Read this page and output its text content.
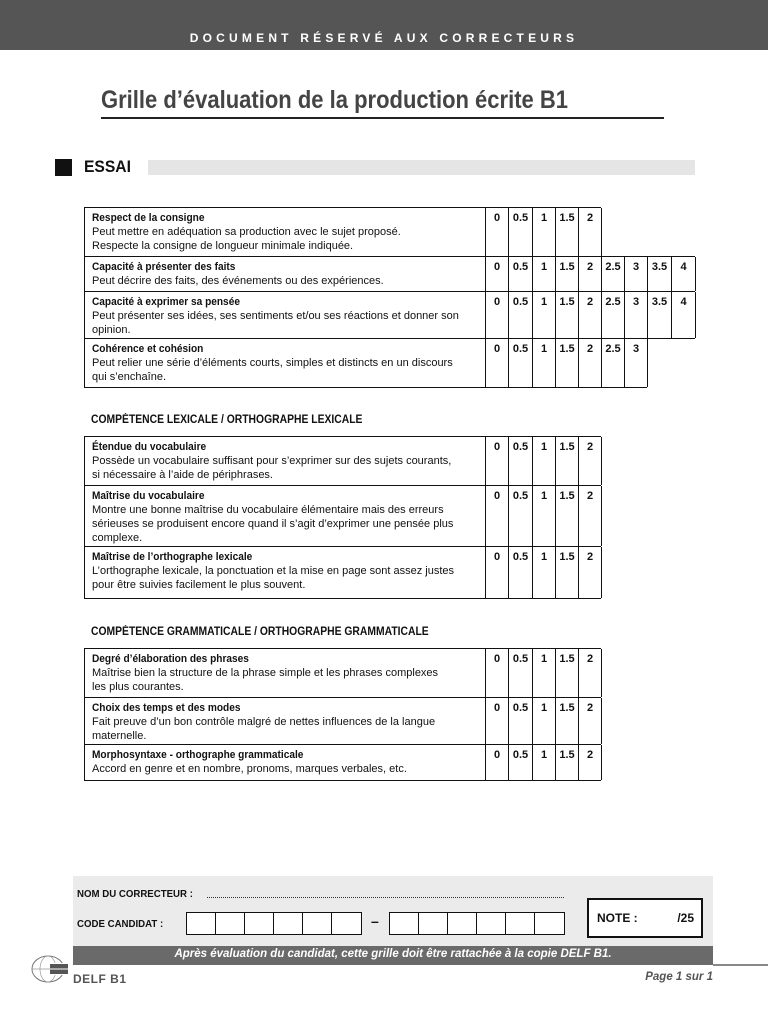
DOCUMENT RÉSERVÉ AUX CORRECTEURS
Grille d’évaluation de la production écrite B1
ESSAI
Respect de la consigne
Peut mettre en adéquation sa production avec le sujet proposé.
Respecte la consigne de longueur minimale indiquée.
0	0.5	1	1.5	2
Capacité à présenter des faits
Peut décrire des faits, des événements ou des expériences.
0	0.5	1	1.5	2	2.5	3	3.5	4
Capacité à exprimer sa pensée
Peut présenter ses idées, ses sentiments et/ou ses réactions et donner son
opinion.
0	0.5	1	1.5	2	2.5	3	3.5	4
Cohérence et cohésion
Peut relier une série d’éléments courts, simples et distincts en un discours
qui s’enchaîne.
0	0.5	1	1.5	2	2.5	3
COMPÉTENCE LEXICALE / ORTHOGRAPHE LEXICALE
Étendue du vocabulaire
Possède un vocabulaire suffisant pour s’exprimer sur des sujets courants,
si nécessaire à l’aide de périphrases.
0	0.5	1	1.5	2
Maîtrise du vocabulaire
Montre une bonne maîtrise du vocabulaire élémentaire mais des erreurs
sérieuses se produisent encore quand il s’agit d’exprimer une pensée plus
complexe.
0	0.5	1	1.5	2
Maîtrise de l’orthographe lexicale
L’orthographe lexicale, la ponctuation et la mise en page sont assez justes
pour être suivies facilement le plus souvent.
0	0.5	1	1.5	2
COMPÉTENCE GRAMMATICALE / ORTHOGRAPHE GRAMMATICALE
Degré d’élaboration des phrases
Maîtrise bien la structure de la phrase simple et les phrases complexes
les plus courantes.
0	0.5	1	1.5	2
Choix des temps et des modes
Fait preuve d’un bon contrôle malgré de nettes influences de la langue
maternelle.
0	0.5	1	1.5	2
Morphosyntaxe - orthographe grammaticale
Accord en genre et en nombre, pronoms, marques verbales, etc.
0	0.5	1	1.5	2
NOM DU CORRECTEUR :
CODE CANDIDAT :	–	NOTE :	/25
Après évaluation du candidat, cette grille doit être rattachée à la copie DELF B1.
DELF B1	Page 1 sur 1
